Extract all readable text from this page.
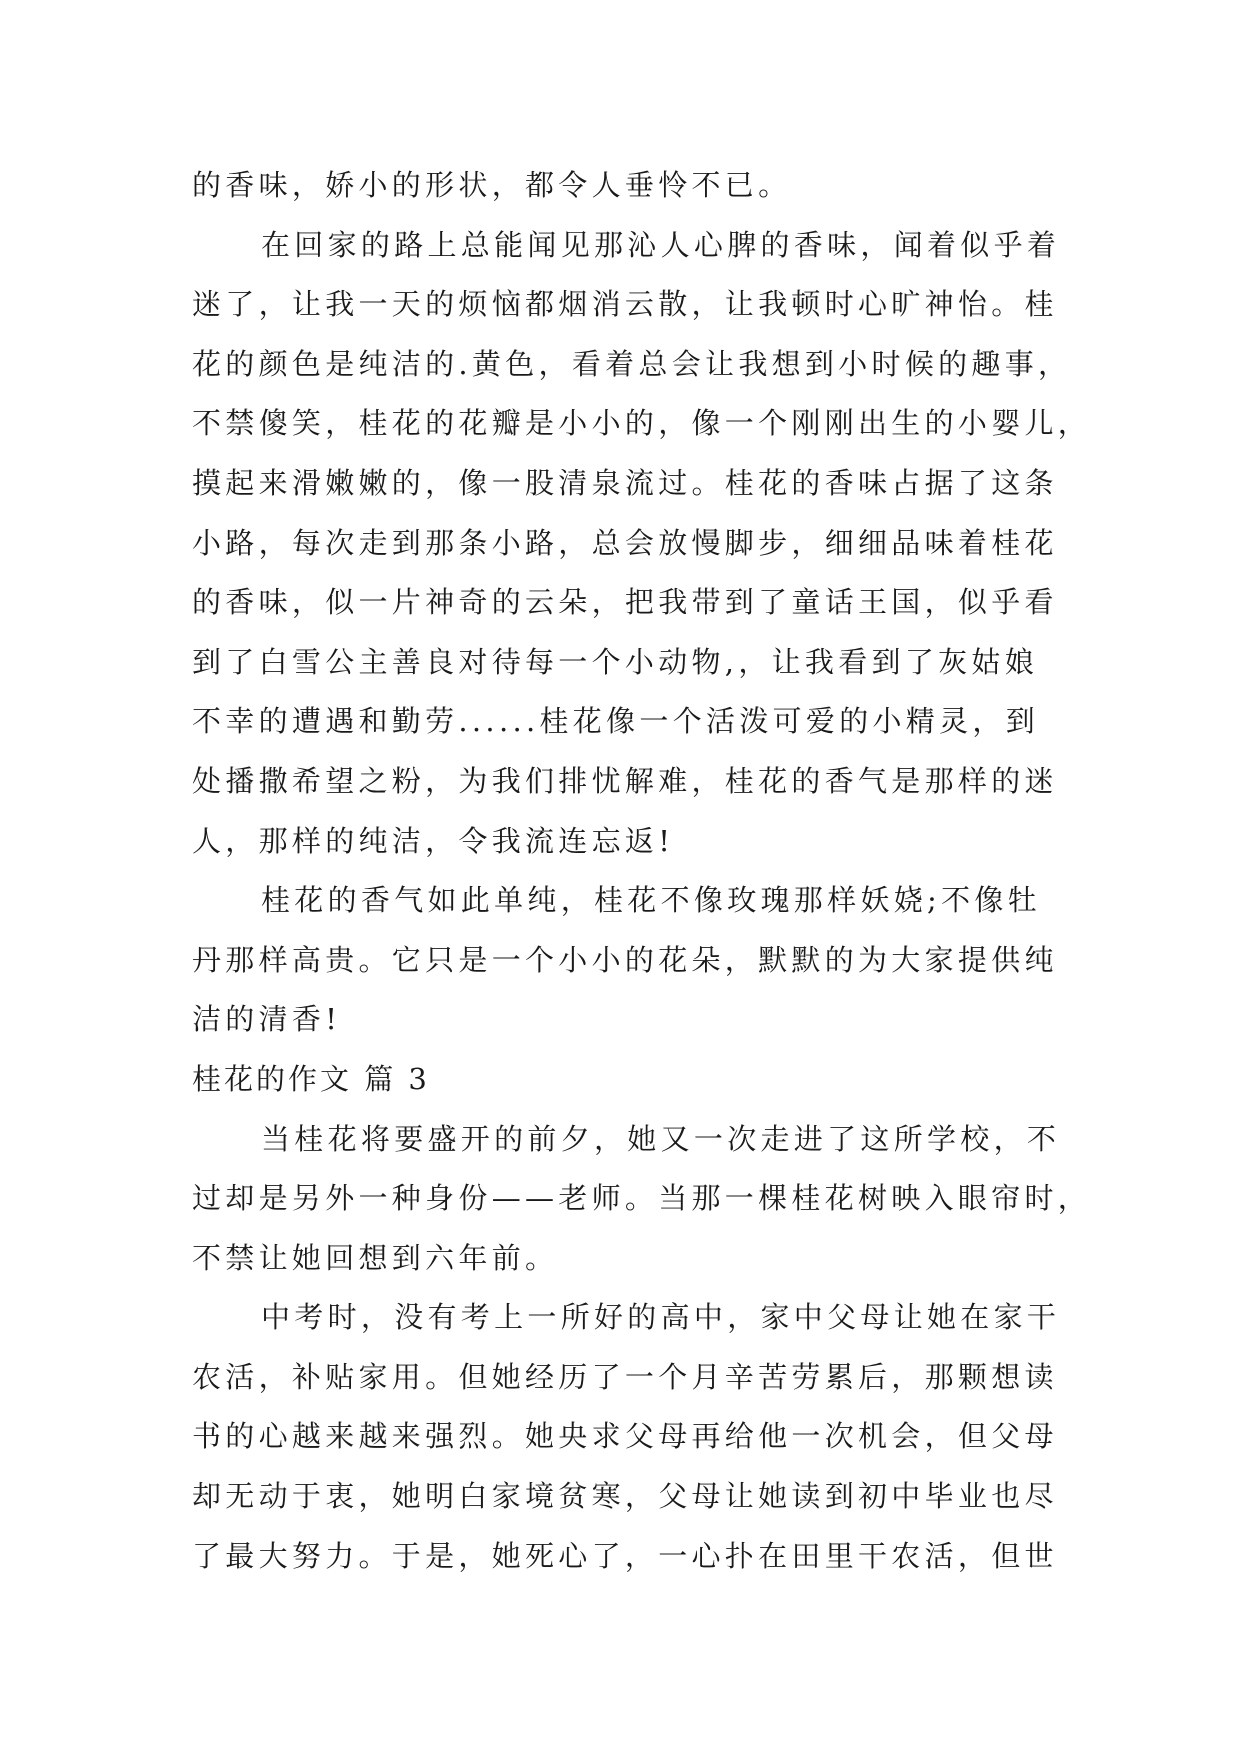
的香味，娇小的形状，都令人垂怜不已。
在回家的路上总能闻见那沁人心脾的香味，闻着似乎着
迷了，让我一天的烦恼都烟消云散，让我顿时心旷神怡。桂
花的颜色是纯洁的.黄色，看着总会让我想到小时候的趣事，
不禁傻笑，桂花的花瓣是小小的，像一个刚刚出生的小婴儿，
摸起来滑嫩嫩的，像一股清泉流过。桂花的香味占据了这条
小路，每次走到那条小路，总会放慢脚步，细细品味着桂花
的香味，似一片神奇的云朵，把我带到了童话王国，似乎看
到了白雪公主善良对待每一个小动物,，让我看到了灰姑娘
不幸的遭遇和勤劳......桂花像一个活泼可爱的小精灵，到
处播撒希望之粉，为我们排忧解难，桂花的香气是那样的迷
人，那样的纯洁，令我流连忘返!
桂花的香气如此单纯，桂花不像玫瑰那样妖娆;不像牡
丹那样高贵。它只是一个小小的花朵，默默的为大家提供纯
洁的清香!
桂花的作文 篇 3
当桂花将要盛开的前夕，她又一次走进了这所学校，不
过却是另外一种身份——老师。当那一棵桂花树映入眼帘时，
不禁让她回想到六年前。
中考时，没有考上一所好的高中，家中父母让她在家干
农活，补贴家用。但她经历了一个月辛苦劳累后，那颗想读
书的心越来越来强烈。她央求父母再给他一次机会，但父母
却无动于衷，她明白家境贫寒，父母让她读到初中毕业也尽
了最大努力。于是，她死心了，一心扑在田里干农活，但世
